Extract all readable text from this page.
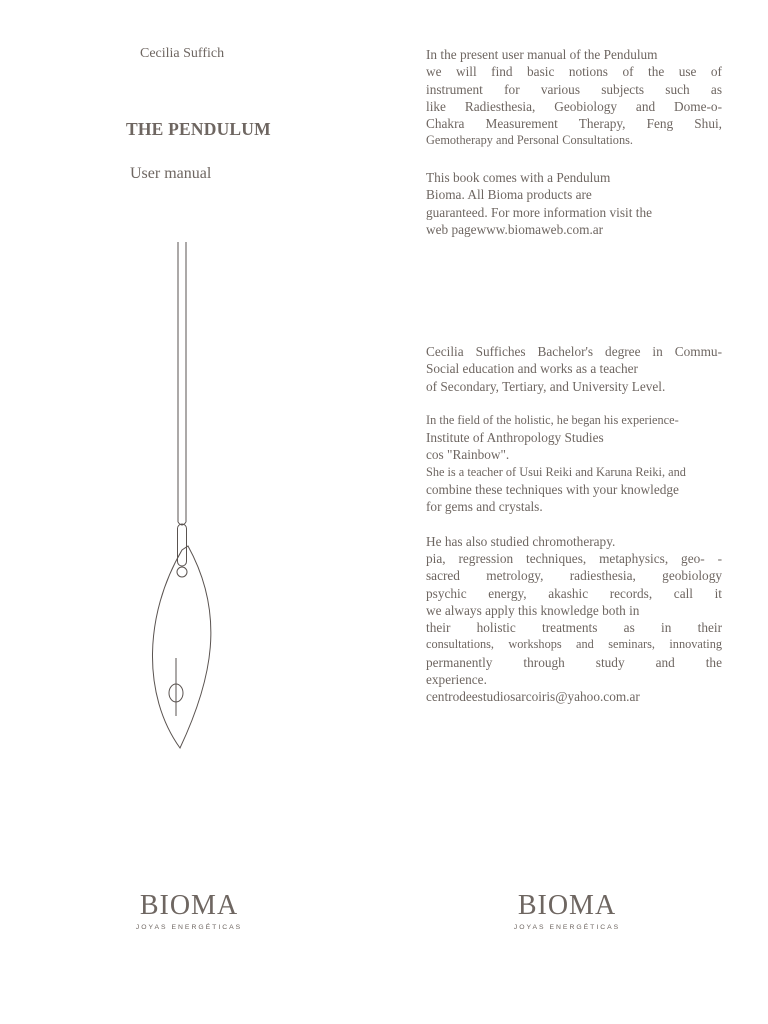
Cecilia Suffich
THE PENDULUM
User manual

In the present user manual of the Pendulum

we will find basic notions of the use of

instrument for various subjects such as

like Radiesthesia, Geobiology and Dome-o-

Chakra Measurement Therapy, Feng Shui,

Gemotherapy and Personal Consultations.

This book comes with a Pendulum

Bioma. All Bioma products are

guaranteed. For more information visit the

web pagewww.biomaweb.com.ar

Cecilia Suffiches Bachelor's degree in Commu-

Social education and works as a teacher

of Secondary, Tertiary, and University Level.

In the field of the holistic, he began his experience-

Institute of Anthropology Studies

cos "Rainbow".

She is a teacher of Usui Reiki and Karuna Reiki, and

combine these techniques with your knowledge

for gems and crystals.

He has also studied chromotherapy.

pia, regression techniques, metaphysics, geo- -

sacred metrology, radiesthesia, geobiology

psychic energy, akashic records, call it

we always apply this knowledge both in

their holistic treatments as in their

consultations, workshops and seminars, innovating

permanently through study and the

experience.

centrodeestudiosarcoiris@yahoo.com.ar

BIOMA
JOYAS ENERGÉTICAS
BIOMA
JOYAS ENERGÉTICAS
